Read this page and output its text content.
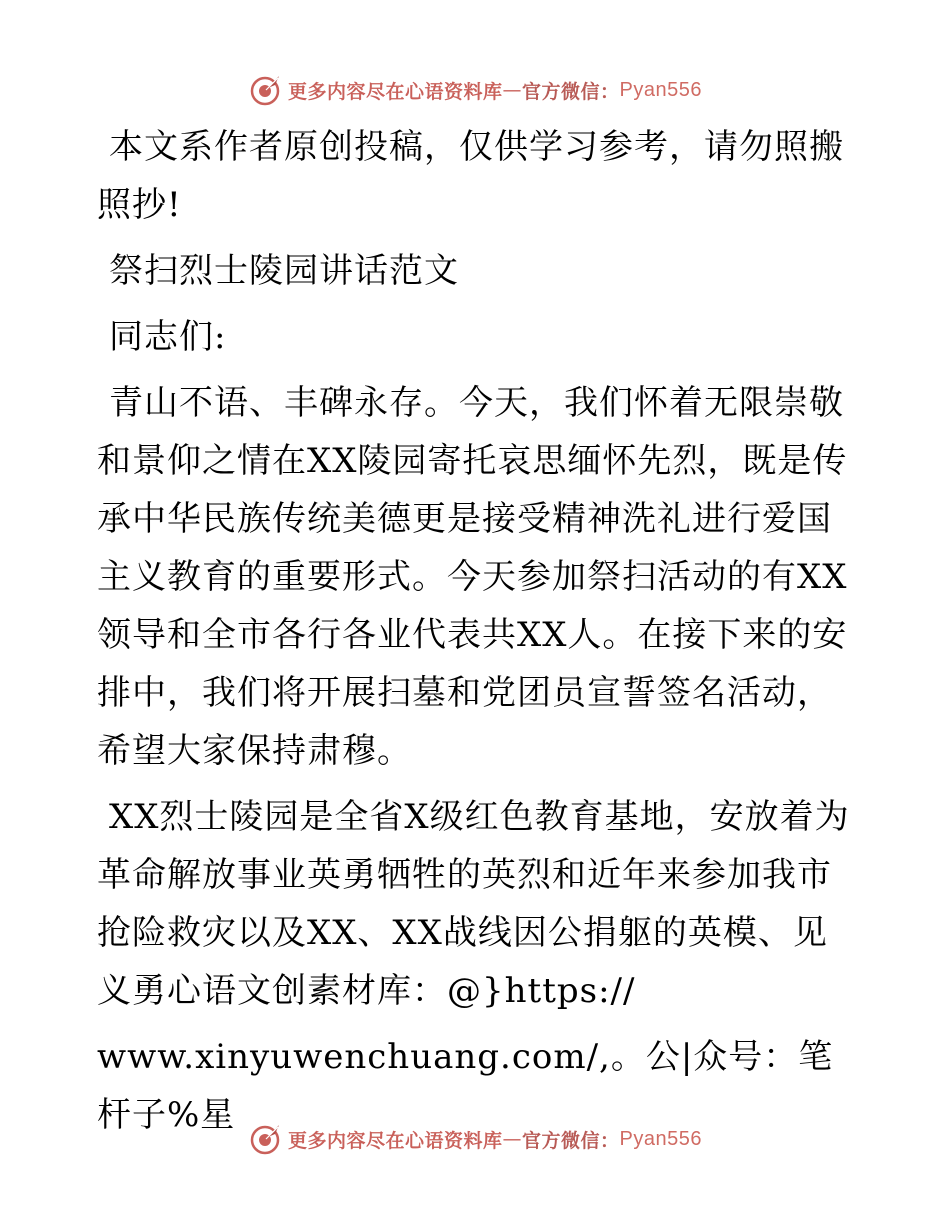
更多内容尽在心语资料库 — 官方微信： Pyan556

本文系作者原创投稿，仅供学习参考，请勿照搬照抄!

祭扫烈士陵园讲话范文

同志们:

青山不语、丰碑永存。今天，我们怀着无限崇敬和景仰之情在XX陵园寄托哀思缅怀先烈，既是传承中华民族传统美德更是接受精神洗礼进行爱国主义教育的重要形式。今天参加祭扫活动的有XX领导和全市各行各业代表共XX人。在接下来的安排中，我们将开展扫墓和党团员宣誓签名活动，希望大家保持肃穆。

XX烈士陵园是全省X级红色教育基地，安放着为革命解放事业英勇牺牲的英烈和近年来参加我市抢险救灾以及XX、XX战线因公捐躯的英模、见义勇心语文创素材库：@}https://

www.xinyuwenchuang.com/,。公|众号：笔杆子%星

更多内容尽在心语资料库 — 官方微信： Pyan556
